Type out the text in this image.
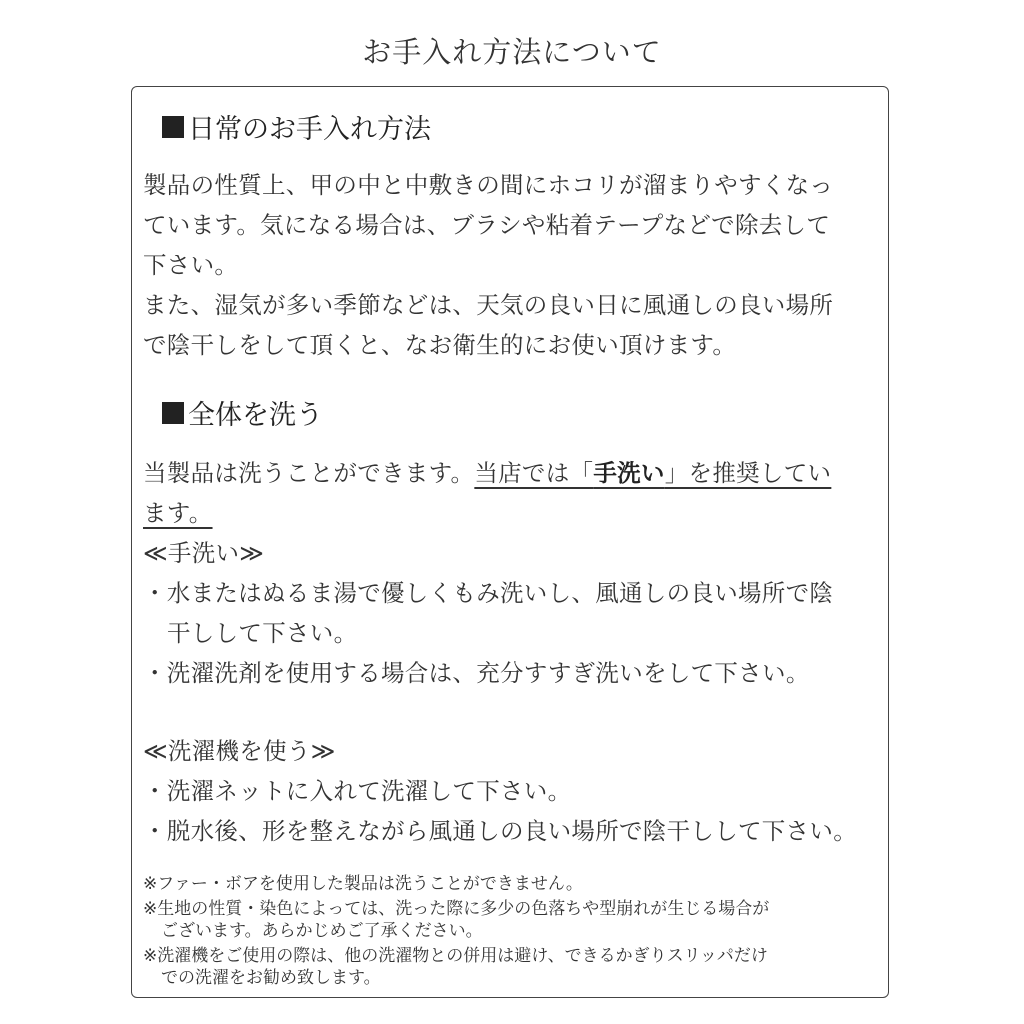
お手入れ方法について
日常のお手入れ方法

製品の性質上、甲の中と中敷きの間にホコリが溜まりやすくなっ

ています。気になる場合は、ブラシや粘着テープなどで除去して

下さい。

また、湿気が多い季節などは、天気の良い日に風通しの良い場所

で陰干しをして頂くと、なお衛生的にお使い頂けます。

全体を洗う

当製品は洗うことができます。当店では「手洗い」を推奨してい

ます。

≪手洗い≫

・水またはぬるま湯で優しくもみ洗いし、風通しの良い場所で陰

干しして下さい。

・洗濯洗剤を使用する場合は、充分すすぎ洗いをして下さい。

≪洗濯機を使う≫

・洗濯ネットに入れて洗濯して下さい。

・脱水後、形を整えながら風通しの良い場所で陰干しして下さい。

※ファー・ボアを使用した製品は洗うことができません。
※生地の性質・染色によっては、洗った際に多少の色落ちや型崩れが生じる場合が
ございます。あらかじめご了承ください。
※洗濯機をご使用の際は、他の洗濯物との併用は避け、できるかぎりスリッパだけ
での洗濯をお勧め致します。
